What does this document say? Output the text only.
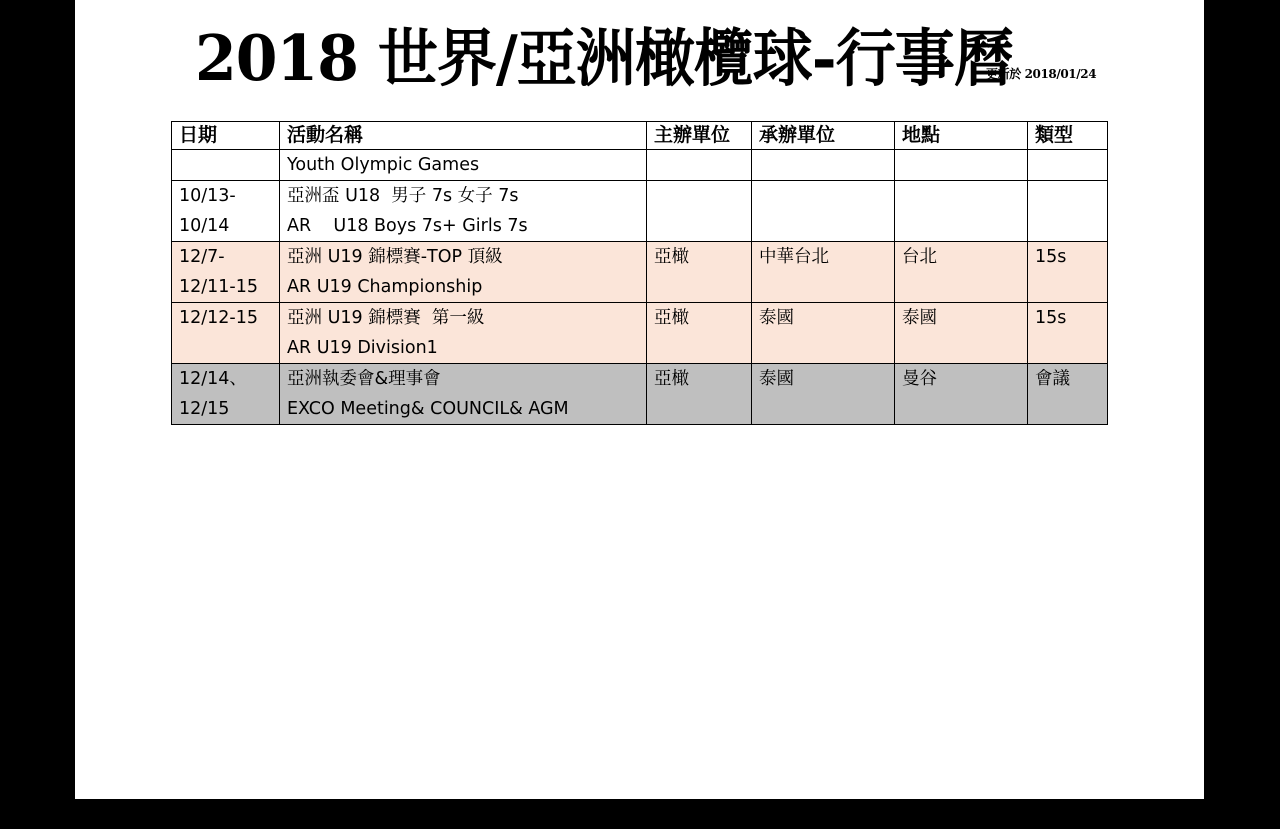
2018 世界/亞洲橄欖球-行事曆
更新於 2018/01/24
日期	活動名稱	主辦單位	承辦單位	地點	類型

	Youth Olympic Games				

10/13-
10/14	亞洲盃 U18  男子 7s 女子 7s
AR    U18 Boys 7s+ Girls 7s				

12/7-
12/11-15	亞洲 U19 錦標賽-TOP 頂級
AR U19 Championship	亞橄	中華台北	台北	15s

12/12-15	亞洲 U19 錦標賽  第一級
AR U19 Division1	亞橄	泰國	泰國	15s

12/14、
12/15	亞洲執委會&理事會
EXCO Meeting& COUNCIL& AGM	亞橄	泰國	曼谷	會議
